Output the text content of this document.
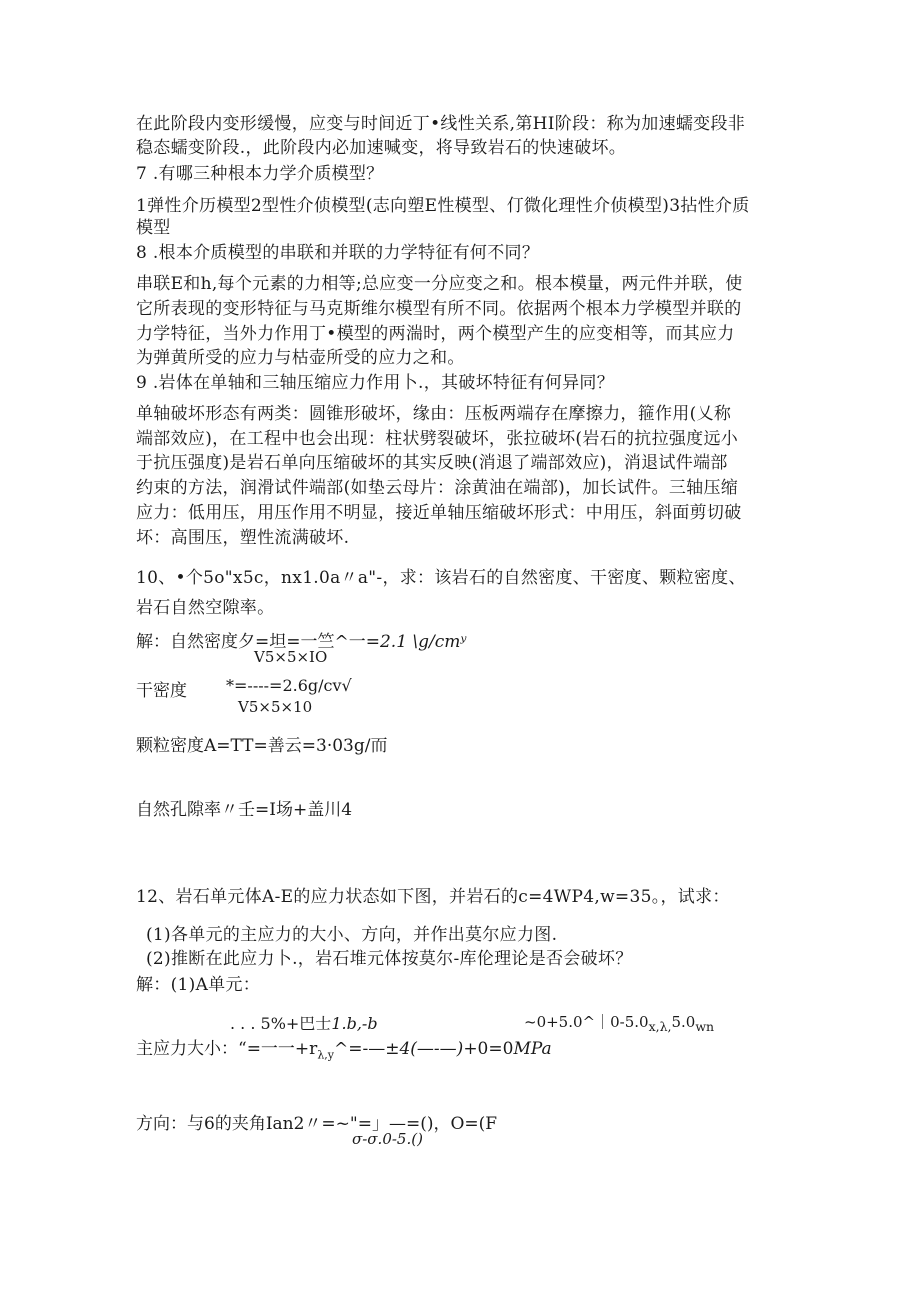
在此阶段内变形缓慢，应变与时间近丁•线性关系,第HI阶段：称为加速蠕变段非
稳态蠕变阶段.，此阶段内必加速喊变，将导致岩石的快速破坏。
7 .有哪三种根本力学介质模型？
1弹性介历模型2型性介侦模型(志向塑E性模型、仃微化理性介侦模型)3拈性介质
模型
8 .根本介质模型的串联和并联的力学特征有何不同？
串联E和h,每个元素的力相等;总应变一分应变之和。根本模量，两元件并联，使
它所表现的变形特征与马克斯维尔模型有所不同。依据两个根本力学模型并联的
力学特征，当外力作用丁•模型的两湍时，两个模型产生的应变相等，而其应力
为弹黄所受的应力与枯壶所受的应力之和。
9 .岩体在单轴和三轴压缩应力作用卜.，其破坏特征有何异同？
单轴破坏形态有两类：圆锥形破坏，缘由：压板两端存在摩擦力，箍作用(乂称
端部效应)，在工程中也会出现：柱状劈裂破坏，张拉破坏(岩石的抗拉强度远小
于抗压强度)是岩石单向压缩破坏的其实反映(消退了端部效应)，消退试件端部
约束的方法，润滑试件端部(如垫云母片：涂黄油在端部)，加长试件。三轴压缩
应力：低用压，用压作用不明显，接近单轴压缩破坏形式：中用压，斜面剪切破
坏：高围压，塑性流满破坏.
10、•个5o"x5c，nx1.0a〃a"-，求：该岩石的自然密度、干密度、颗粒密度、
岩石自然空隙率。
解：自然密度夕=坦=一竺^一=2.1 \g/cmʸ
V5×5×IO
干密度 *=----=2.6g/cv√
V5×5×10
颗粒密度A=TT=善云=3·03g/而
自然孔隙率〃壬=I场+盖川4
12、岩石单元体A-E的应力状态如下图，并岩石的c=4WP4,w=35。，试求：
(1)各单元的主应力的大小、方向，并作出莫尔应力图.
(2)推断在此应力卜.，岩石堆元体按莫尔-库伦理论是否会破坏？
解：(1)A单元：
. . . 5%+巴士1.b,-b	$\sim 0+5.0\^{}|0-5.0_{x,\lambda,}5.0_{wn}$
主应力大小：“=一一$+r_{\lambda,y}\^{}=-—\pm 4(—-—)+0=0MPa$
方向：与6的夹角Ian2〃=~"=」—=()，O=(F
σ-σ.0-5.()
